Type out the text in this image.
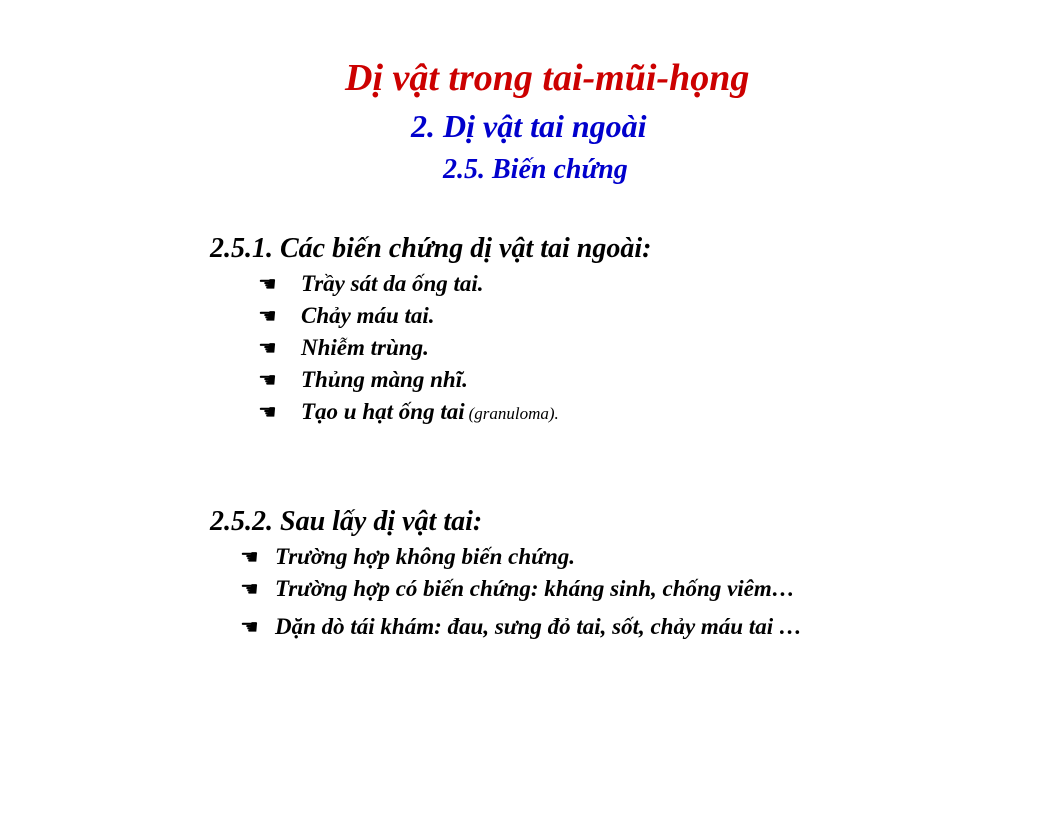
Dị vật trong tai-mũi-họng
2. Dị vật tai ngoài
2.5. Biến chứng
2.5.1. Các biến chứng dị vật tai ngoài:
☚	Trầy sát da ống tai.
☚	Chảy máu tai.
☚	Nhiễm trùng.
☚	Thủng màng nhĩ.
☚	Tạo u hạt ống tai (granuloma).
2.5.2. Sau lấy dị vật tai:
☚ Trường hợp không biến chứng.
☚ Trường hợp có biến chứng: kháng sinh, chống viêm…
☚ Dặn dò tái khám: đau, sưng đỏ tai, sốt, chảy máu tai …
